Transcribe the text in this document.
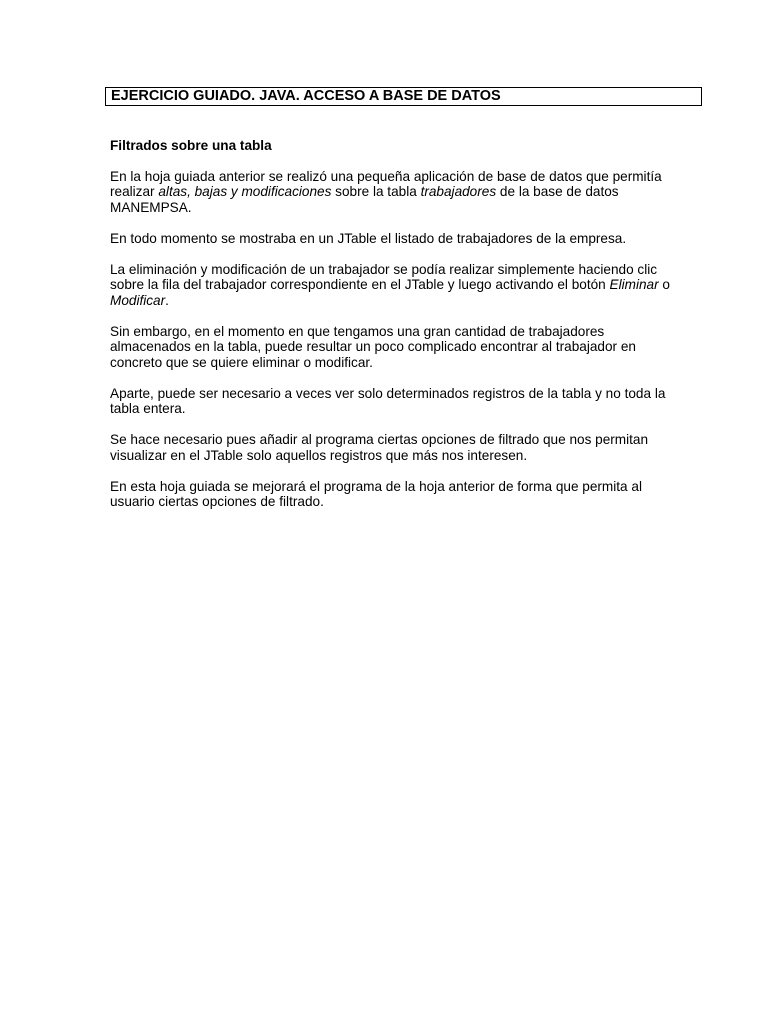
EJERCICIO GUIADO. JAVA. ACCESO A BASE DE DATOS
Filtrados sobre una tabla
En la hoja guiada anterior se realizó una pequeña aplicación de base de datos que permitía
realizar altas, bajas y modificaciones sobre la tabla trabajadores de la base de datos
MANEMPSA.
En todo momento se mostraba en un JTable el listado de trabajadores de la empresa.
La eliminación y modificación de un trabajador se podía realizar simplemente haciendo clic
sobre la fila del trabajador correspondiente en el JTable y luego activando el botón Eliminar o
Modificar.
Sin embargo, en el momento en que tengamos una gran cantidad de trabajadores
almacenados en la tabla, puede resultar un poco complicado encontrar al trabajador en
concreto que se quiere eliminar o modificar.
Aparte, puede ser necesario a veces ver solo determinados registros de la tabla y no toda la
tabla entera.
Se hace necesario pues añadir al programa ciertas opciones de filtrado que nos permitan
visualizar en el JTable solo aquellos registros que más nos interesen.
En esta hoja guiada se mejorará el programa de la hoja anterior de forma que permita al
usuario ciertas opciones de filtrado.
